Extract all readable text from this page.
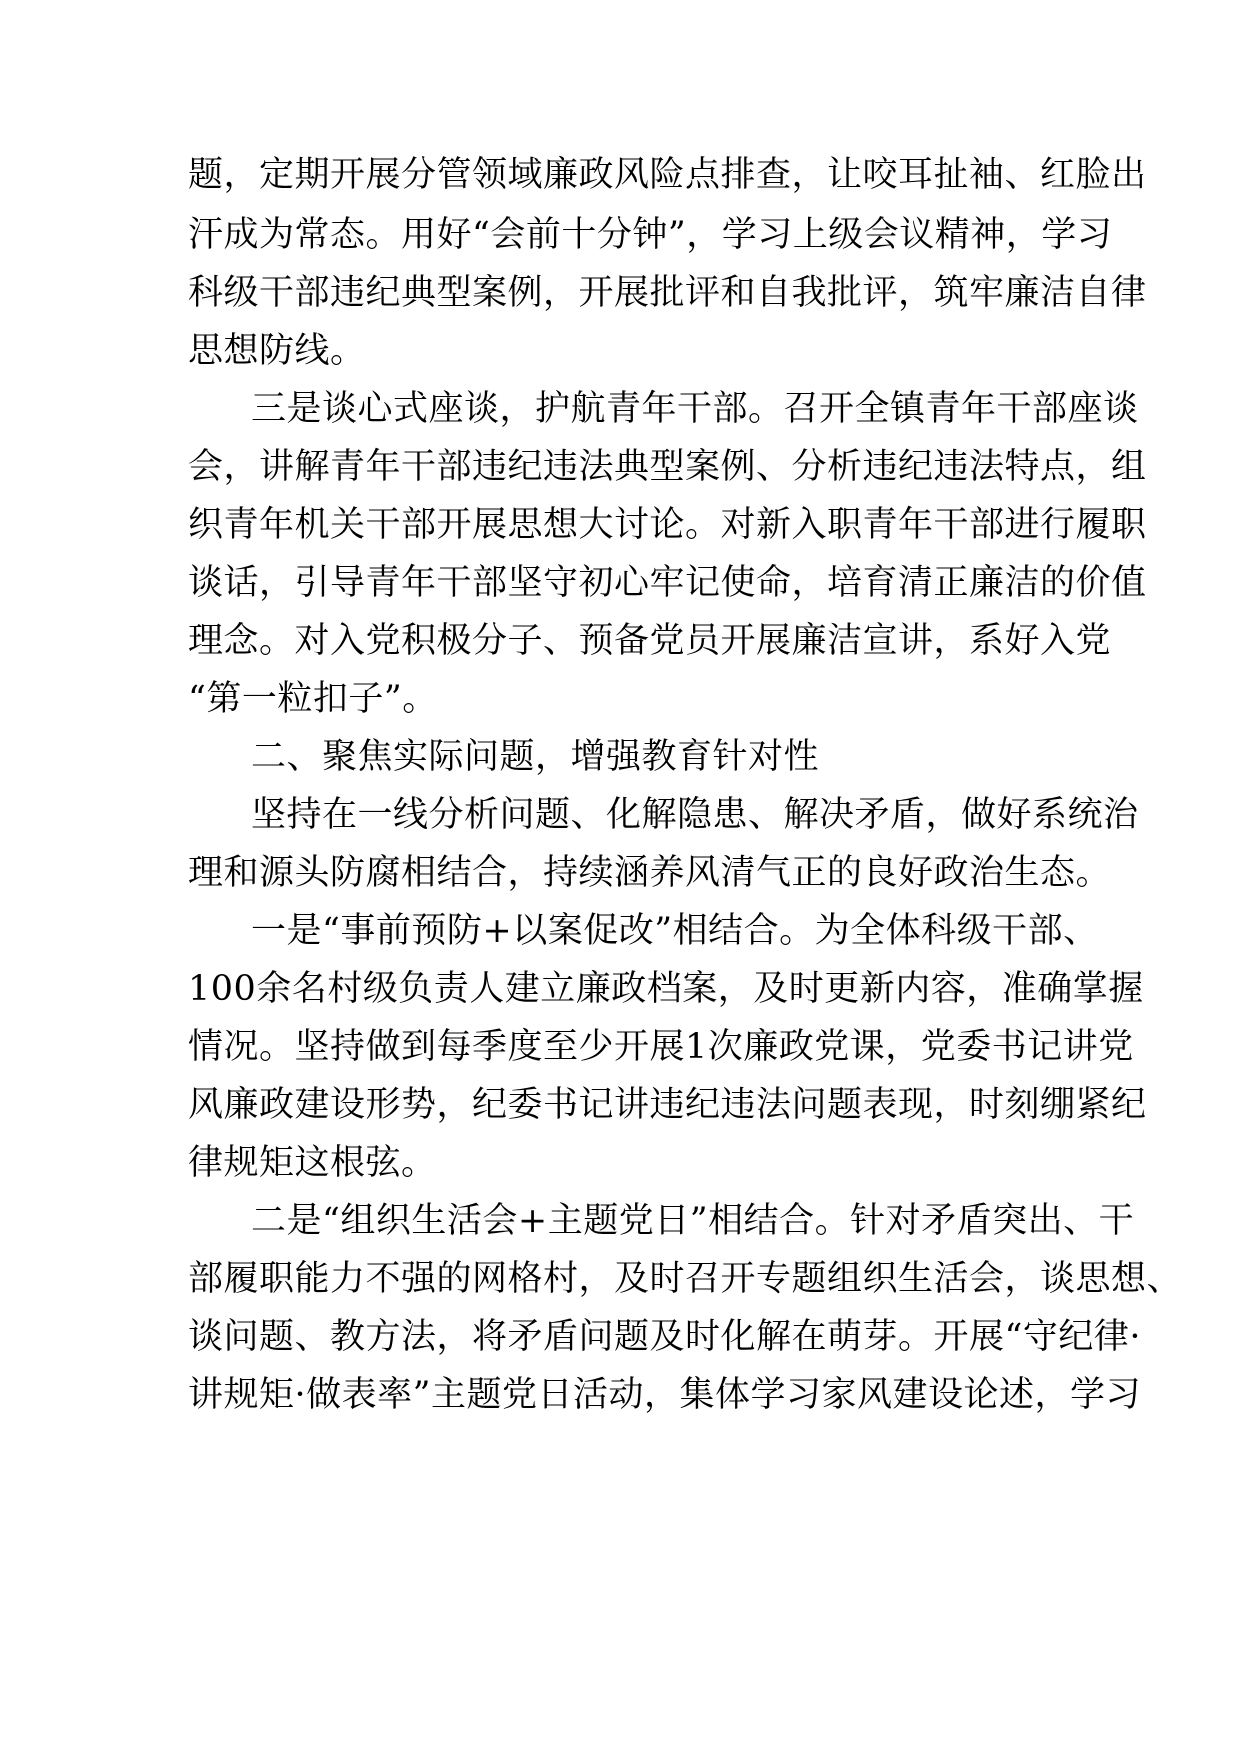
题，定期开展分管领域廉政风险点排查，让咬耳扯袖、红脸出
汗成为常态。用好“会前十分钟”，学习上级会议精神，学习
科级干部违纪典型案例，开展批评和自我批评，筑牢廉洁自律
思想防线。
三是谈心式座谈，护航青年干部。召开全镇青年干部座谈
会，讲解青年干部违纪违法典型案例、分析违纪违法特点，组
织青年机关干部开展思想大讨论。对新入职青年干部进行履职
谈话，引导青年干部坚守初心牢记使命，培育清正廉洁的价值
理念。对入党积极分子、预备党员开展廉洁宣讲，系好入党
“第一粒扣子”。
二、聚焦实际问题，增强教育针对性
坚持在一线分析问题、化解隐患、解决矛盾，做好系统治
理和源头防腐相结合，持续涵养风清气正的良好政治生态。
一是“事前预防+以案促改”相结合。为全体科级干部、
100余名村级负责人建立廉政档案，及时更新内容，准确掌握
情况。坚持做到每季度至少开展1次廉政党课，党委书记讲党
风廉政建设形势，纪委书记讲违纪违法问题表现，时刻绷紧纪
律规矩这根弦。
二是“组织生活会+主题党日”相结合。针对矛盾突出、干
部履职能力不强的网格村，及时召开专题组织生活会，谈思想、
谈问题、教方法，将矛盾问题及时化解在萌芽。开展“守纪律·
讲规矩·做表率”主题党日活动，集体学习家风建设论述，学习
